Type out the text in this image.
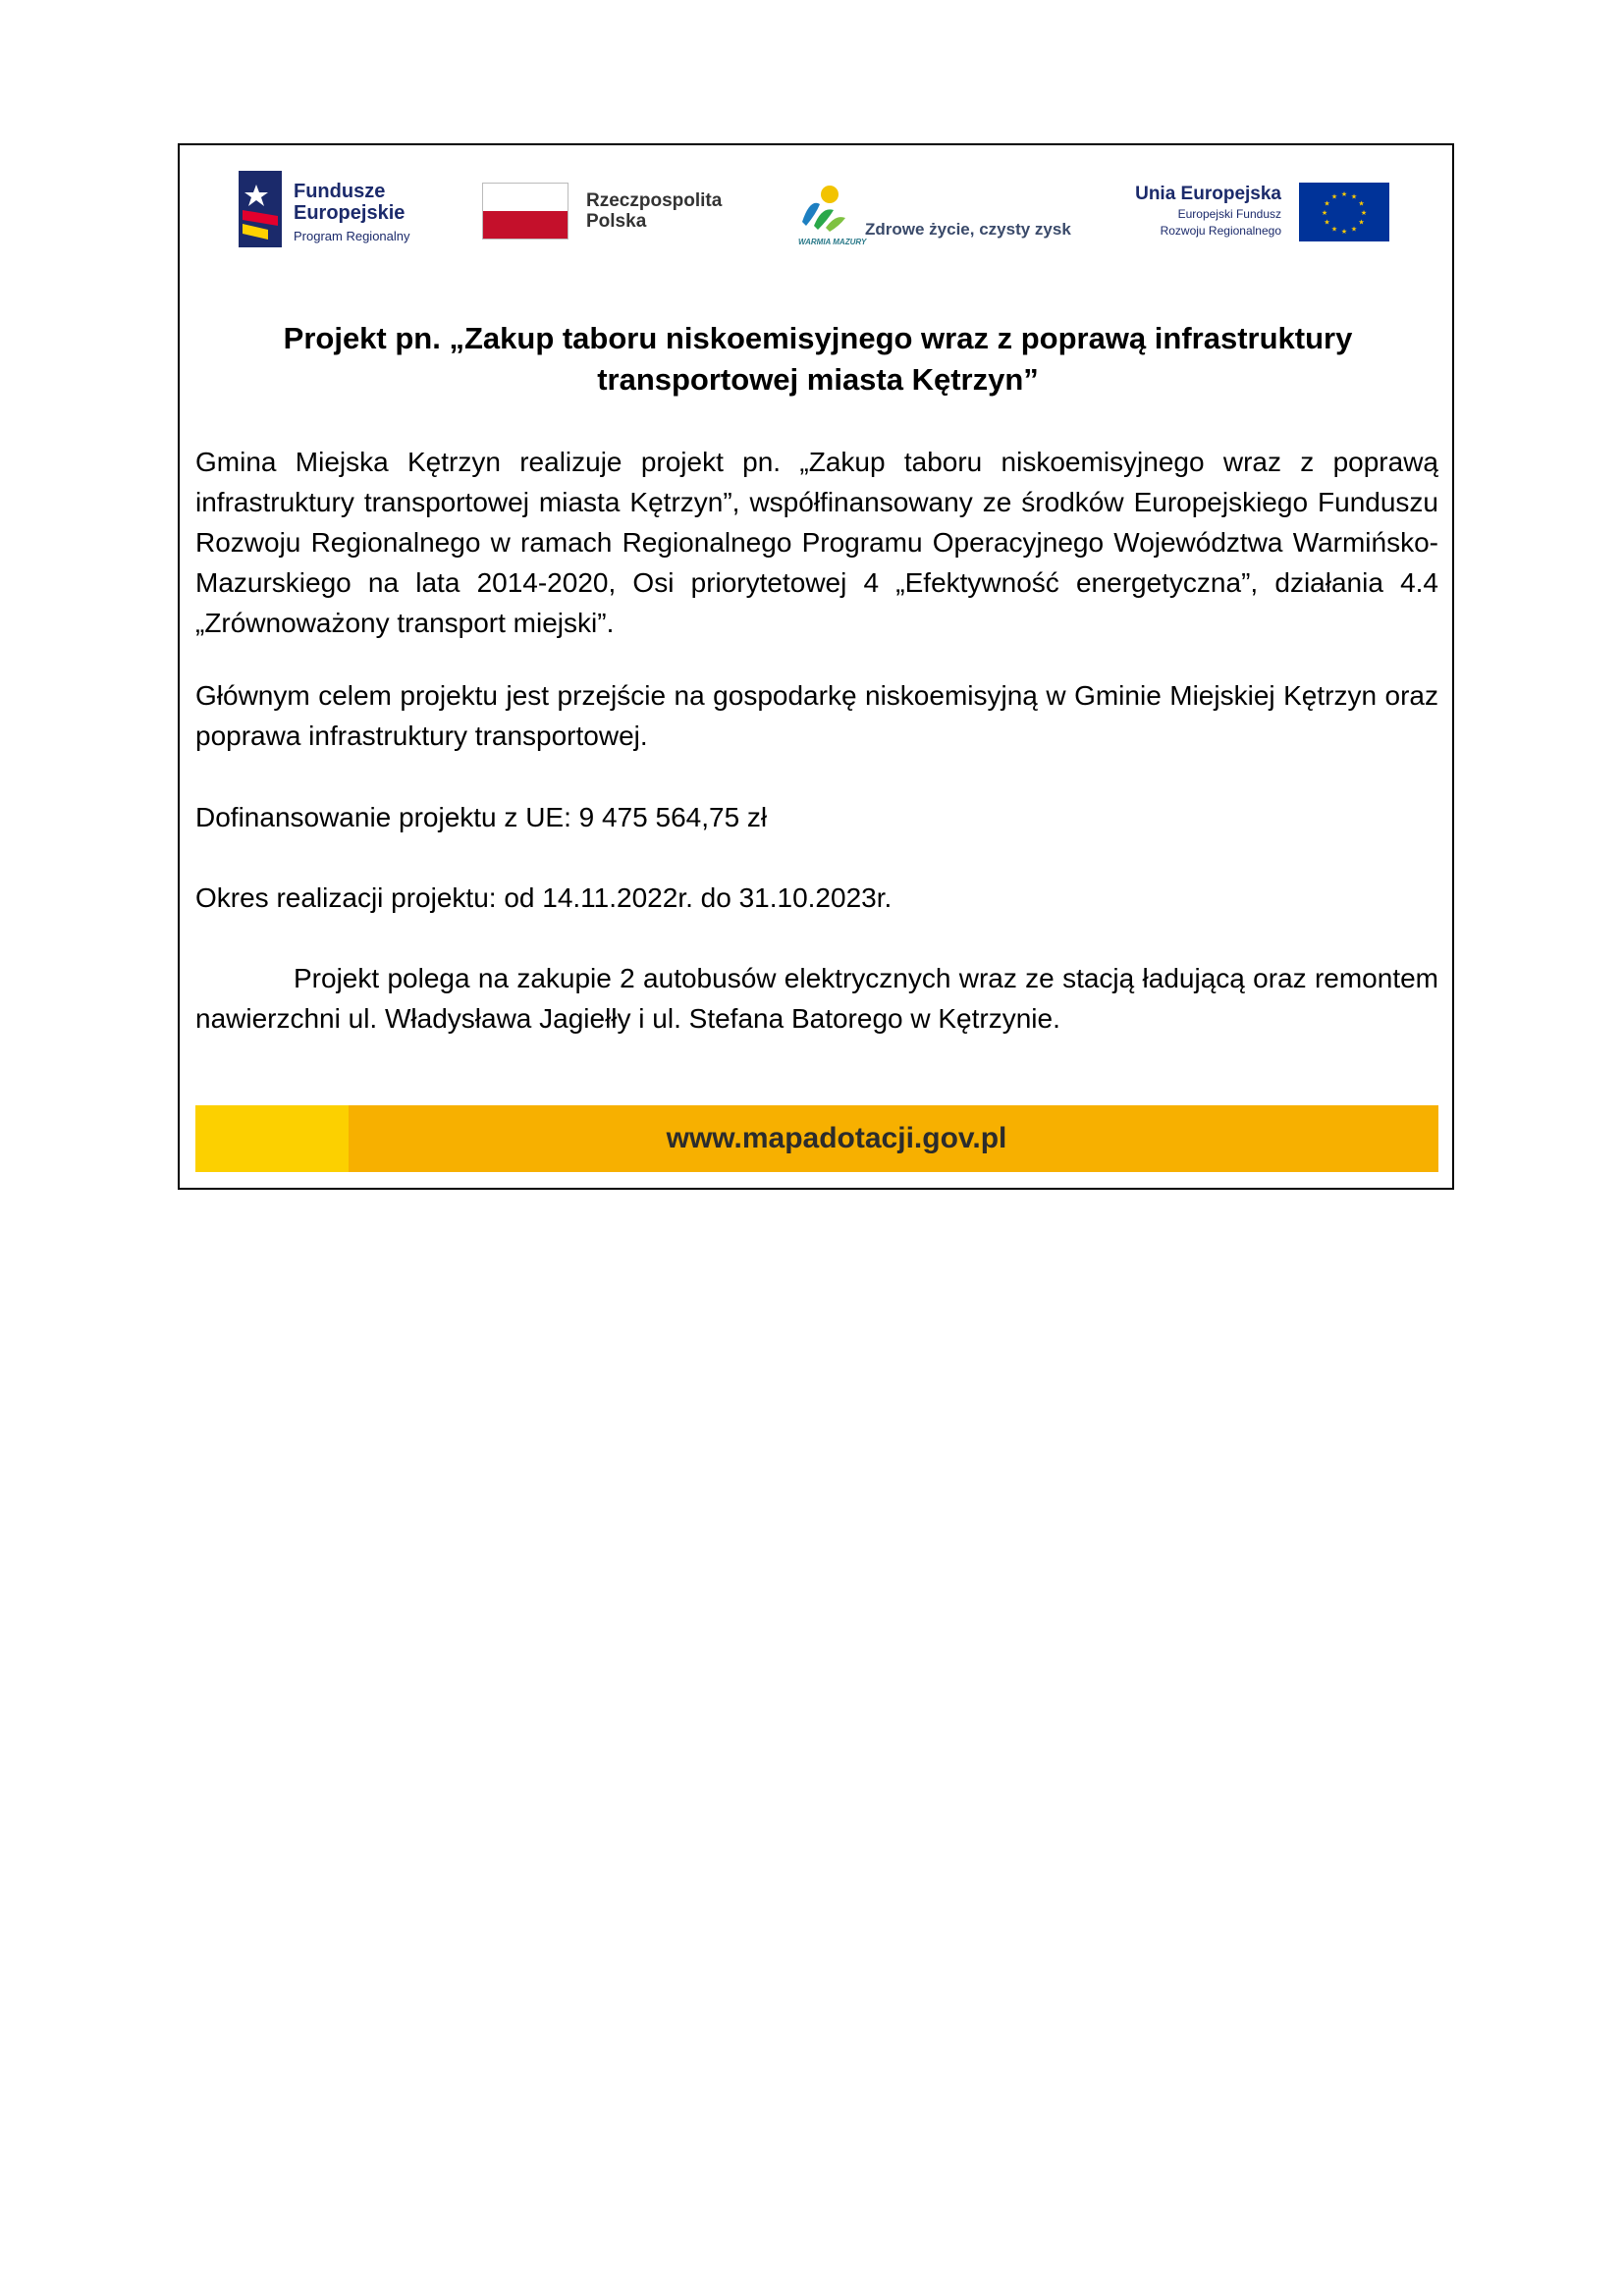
Fundusze
Europejskie
Program Regionalny
Rzeczpospolita
Polska
WARMIA MAZURY
Zdrowe życie, czysty zysk
Unia Europejska
Europejski Fundusz
Rozwoju Regionalnego
★ ★
★
★
★
★
★
★
★
★
★
★
Projekt pn. „Zakup taboru niskoemisyjnego wraz z poprawą infrastruktury transportowej miasta Kętrzyn”
Gmina Miejska Kętrzyn realizuje projekt pn. „Zakup taboru niskoemisyjnego wraz z poprawą infrastruktury transportowej miasta Kętrzyn”, współfinansowany ze środków Europejskiego Funduszu Rozwoju Regionalnego w ramach Regionalnego Programu Operacyjnego Województwa Warmińsko-Mazurskiego na lata 2014-2020, Osi priorytetowej 4 „Efektywność energetyczna”, działania 4.4 „Zrównoważony transport miejski”.
Głównym celem projektu jest przejście na gospodarkę niskoemisyjną w Gminie Miejskiej Kętrzyn oraz poprawa infrastruktury transportowej.
Dofinansowanie projektu z UE: 9 475 564,75 zł
Okres realizacji projektu: od 14.11.2022r. do 31.10.2023r.
Projekt polega na zakupie 2 autobusów elektrycznych wraz ze stacją ładującą oraz remontem nawierzchni ul. Władysława Jagiełły i ul. Stefana Batorego w Kętrzynie.
www.mapadotacji.gov.pl
